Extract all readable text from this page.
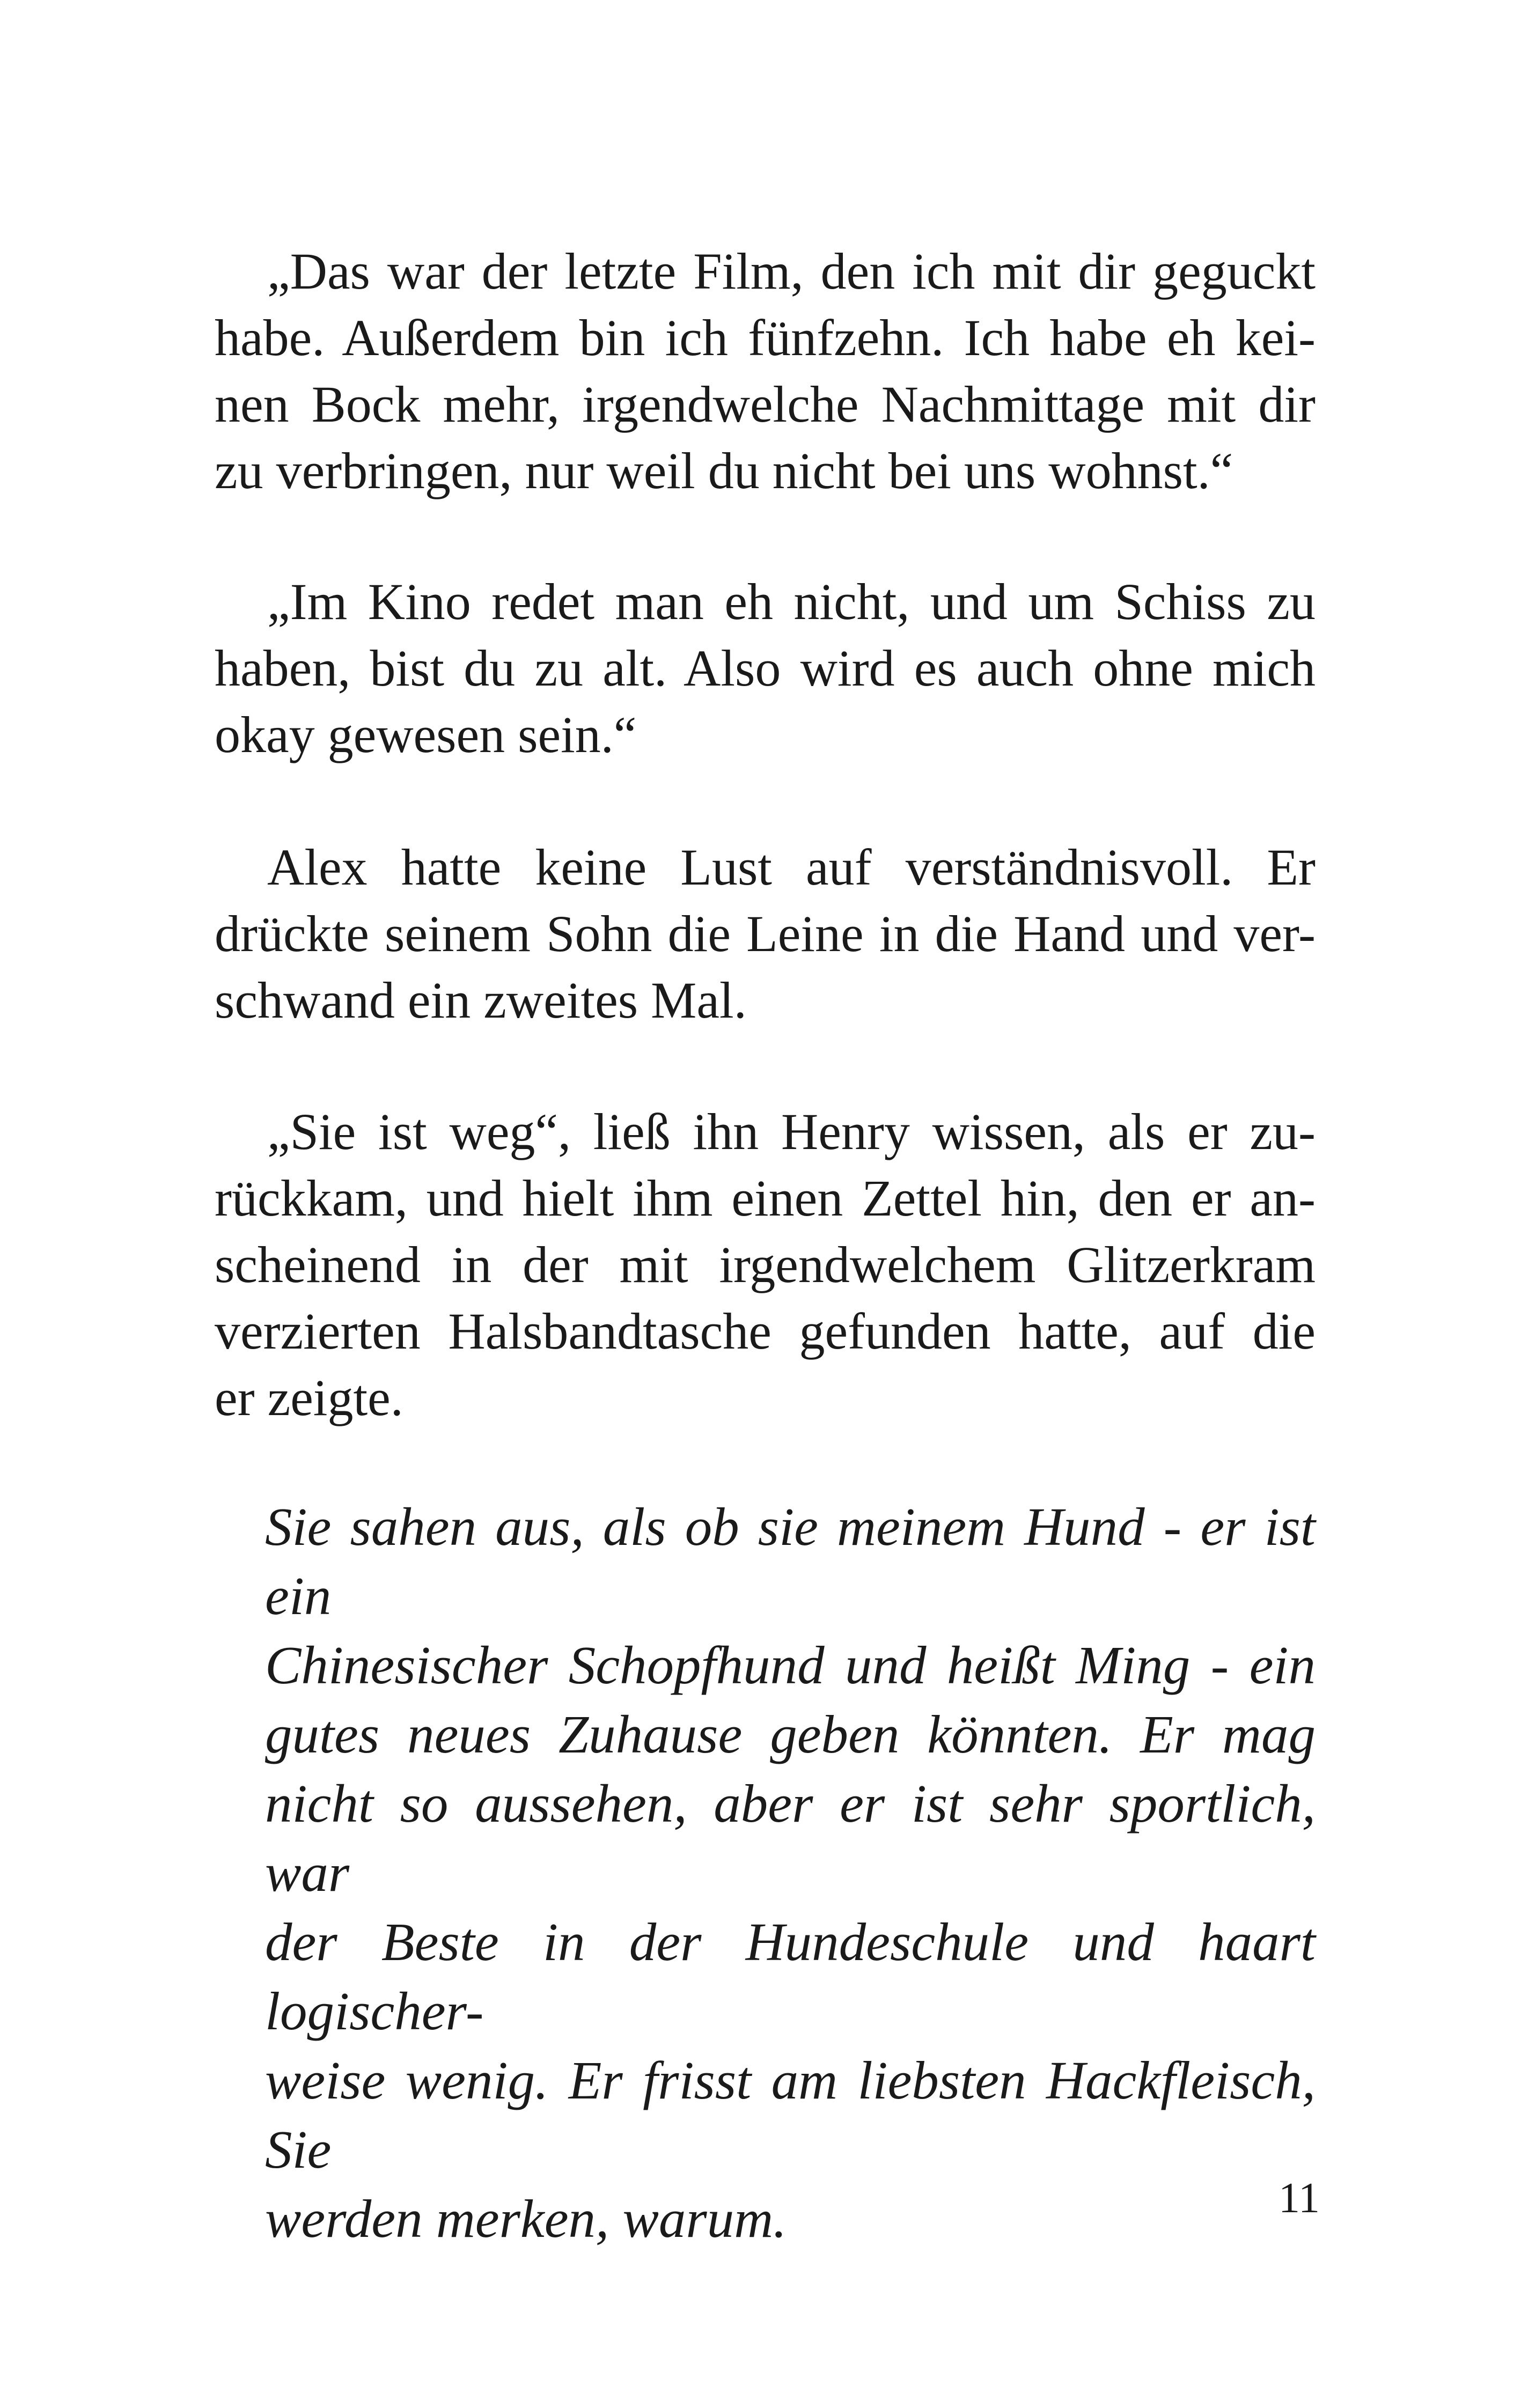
„Das war der letzte Film, den ich mit dir geguckt
habe. Außerdem bin ich fünfzehn. Ich habe eh kei-
nen Bock mehr, irgendwelche Nachmittage mit dir
zu verbringen, nur weil du nicht bei uns wohnst.“

„Im Kino redet man eh nicht, und um Schiss zu
haben, bist du zu alt. Also wird es auch ohne mich
okay gewesen sein.“

Alex hatte keine Lust auf verständnisvoll. Er
drückte seinem Sohn die Leine in die Hand und ver-
schwand ein zweites Mal.

„Sie ist weg“, ließ ihn Henry wissen, als er zu-
rückkam, und hielt ihm einen Zettel hin, den er an-
scheinend in der mit irgendwelchem Glitzerkram
verzierten Halsbandtasche gefunden hatte, auf die
er zeigte.

Sie sahen aus, als ob sie meinem Hund - er ist ein
Chinesischer Schopfhund und heißt Ming - ein
gutes neues Zuhause geben könnten. Er mag
nicht so aussehen, aber er ist sehr sportlich, war
der Beste in der Hundeschule und haart logischer-
weise wenig. Er frisst am liebsten Hackfleisch, Sie
werden merken, warum.	11
